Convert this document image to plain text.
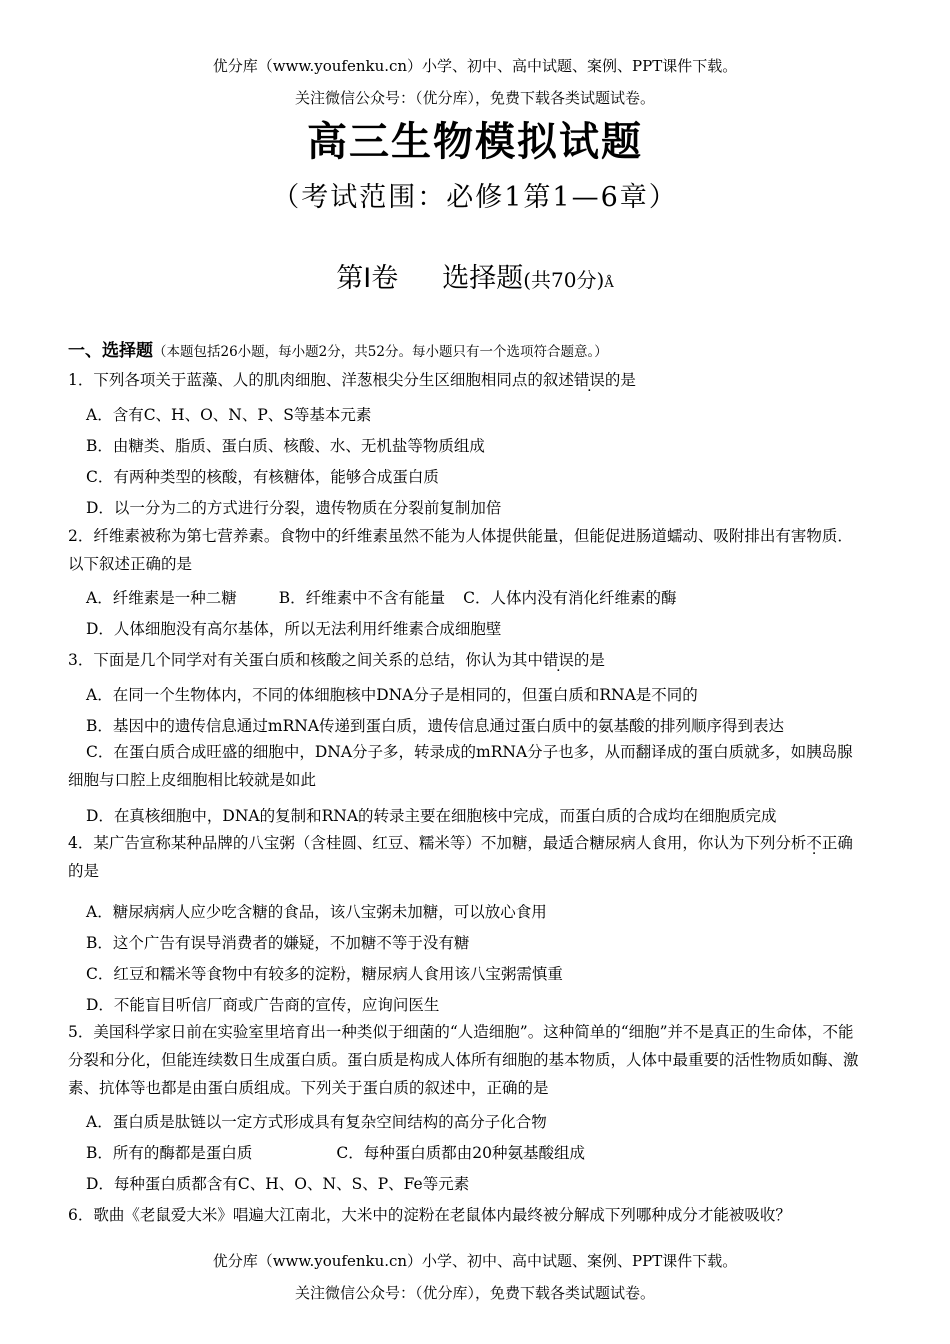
优分库（www.youfenku.cn）小学、初中、高中试题、案例、PPT课件下载。
关注微信公众号：（优分库），免费下载各类试题试卷。
高三生物模拟试题
（考试范围：必修1第1—6章）
第Ⅰ卷 选择题(共70分)Å
一、选择题（本题包括26小题，每小题2分，共52分。每小题只有一个选项符合题意。）
1．下列各项关于蓝藻、人的肌肉细胞、洋葱根尖分生区细胞相同点的叙述错误的是
A．含有C、H、O、N、P、S等基本元素
B．由糖类、脂质、蛋白质、核酸、水、无机盐等物质组成
C．有两种类型的核酸，有核糖体，能够合成蛋白质
D．以一分为二的方式进行分裂，遗传物质在分裂前复制加倍
2．纤维素被称为第七营养素。食物中的纤维素虽然不能为人体提供能量，但能促进肠道蠕动、吸附排出有害物质．以下叙述正确的是
A．纤维素是一种二糖	B．纤维素中不含有能量 C．人体内没有消化纤维素的酶
D．人体细胞没有高尔基体，所以无法利用纤维素合成细胞壁
3．下面是几个同学对有关蛋白质和核酸之间关系的总结，你认为其中错误的是
A．在同一个生物体内，不同的体细胞核中DNA分子是相同的，但蛋白质和RNA是不同的
B．基因中的遗传信息通过mRNA传递到蛋白质，遗传信息通过蛋白质中的氨基酸的排列顺序得到表达
C．在蛋白质合成旺盛的细胞中，DNA分子多，转录成的mRNA分子也多，从而翻译成的蛋白质就多，如胰岛腺细胞与口腔上皮细胞相比较就是如此
D．在真核细胞中，DNA的复制和RNA的转录主要在细胞核中完成，而蛋白质的合成均在细胞质完成
4．某广告宣称某种品牌的八宝粥（含桂圆、红豆、糯米等）不加糖，最适合糖尿病人食用，你认为下列分析不正确的是
A．糖尿病病人应少吃含糖的食品，该八宝粥未加糖，可以放心食用
B．这个广告有误导消费者的嫌疑，不加糖不等于没有糖
C．红豆和糯米等食物中有较多的淀粉，糖尿病人食用该八宝粥需慎重
D．不能盲目听信厂商或广告商的宣传，应询问医生
5．美国科学家日前在实验室里培育出一种类似于细菌的“人造细胞”。这种简单的“细胞”并不是真正的生命体，不能分裂和分化，但能连续数日生成蛋白质。蛋白质是构成人体所有细胞的基本物质，人体中最重要的活性物质如酶、激素、抗体等也都是由蛋白质组成。下列关于蛋白质的叙述中，正确的是
A．蛋白质是肽链以一定方式形成具有复杂空间结构的高分子化合物
B．所有的酶都是蛋白质	C．每种蛋白质都由20种氨基酸组成
D．每种蛋白质都含有C、H、O、N、S、P、Fe等元素
6．歌曲《老鼠爱大米》唱遍大江南北，大米中的淀粉在老鼠体内最终被分解成下列哪种成分才能被吸收？
优分库（www.youfenku.cn）小学、初中、高中试题、案例、PPT课件下载。
关注微信公众号：（优分库），免费下载各类试题试卷。
